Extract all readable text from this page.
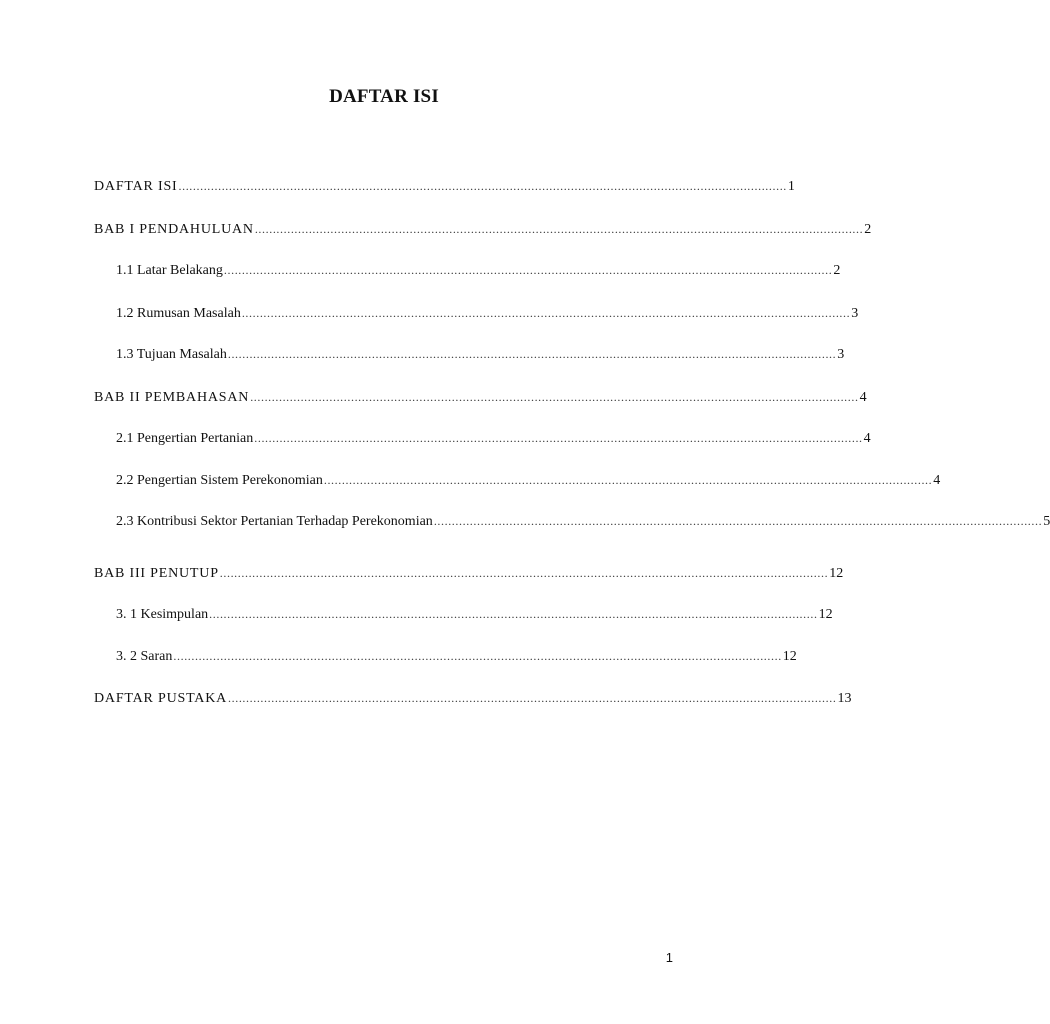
DAFTAR ISI
DAFTAR ISI ......................................................................................................................................................................... 1
BAB I PENDAHULUAN ......................................................................................................................................................................... 2
1.1 Latar Belakang ......................................................................................................................................................................... 2
1.2 Rumusan Masalah ......................................................................................................................................................................... 3
1.3 Tujuan Masalah ......................................................................................................................................................................... 3
BAB II PEMBAHASAN ......................................................................................................................................................................... 4
2.1 Pengertian Pertanian ......................................................................................................................................................................... 4
2.2 Pengertian Sistem Perekonomian ......................................................................................................................................................................... 4
2.3 Kontribusi Sektor Pertanian Terhadap Perekonomian ......................................................................................................................................................................... 5
BAB III PENUTUP ......................................................................................................................................................................... 12
3. 1 Kesimpulan ......................................................................................................................................................................... 12
3. 2 Saran ......................................................................................................................................................................... 12
DAFTAR PUSTAKA ......................................................................................................................................................................... 13
1
